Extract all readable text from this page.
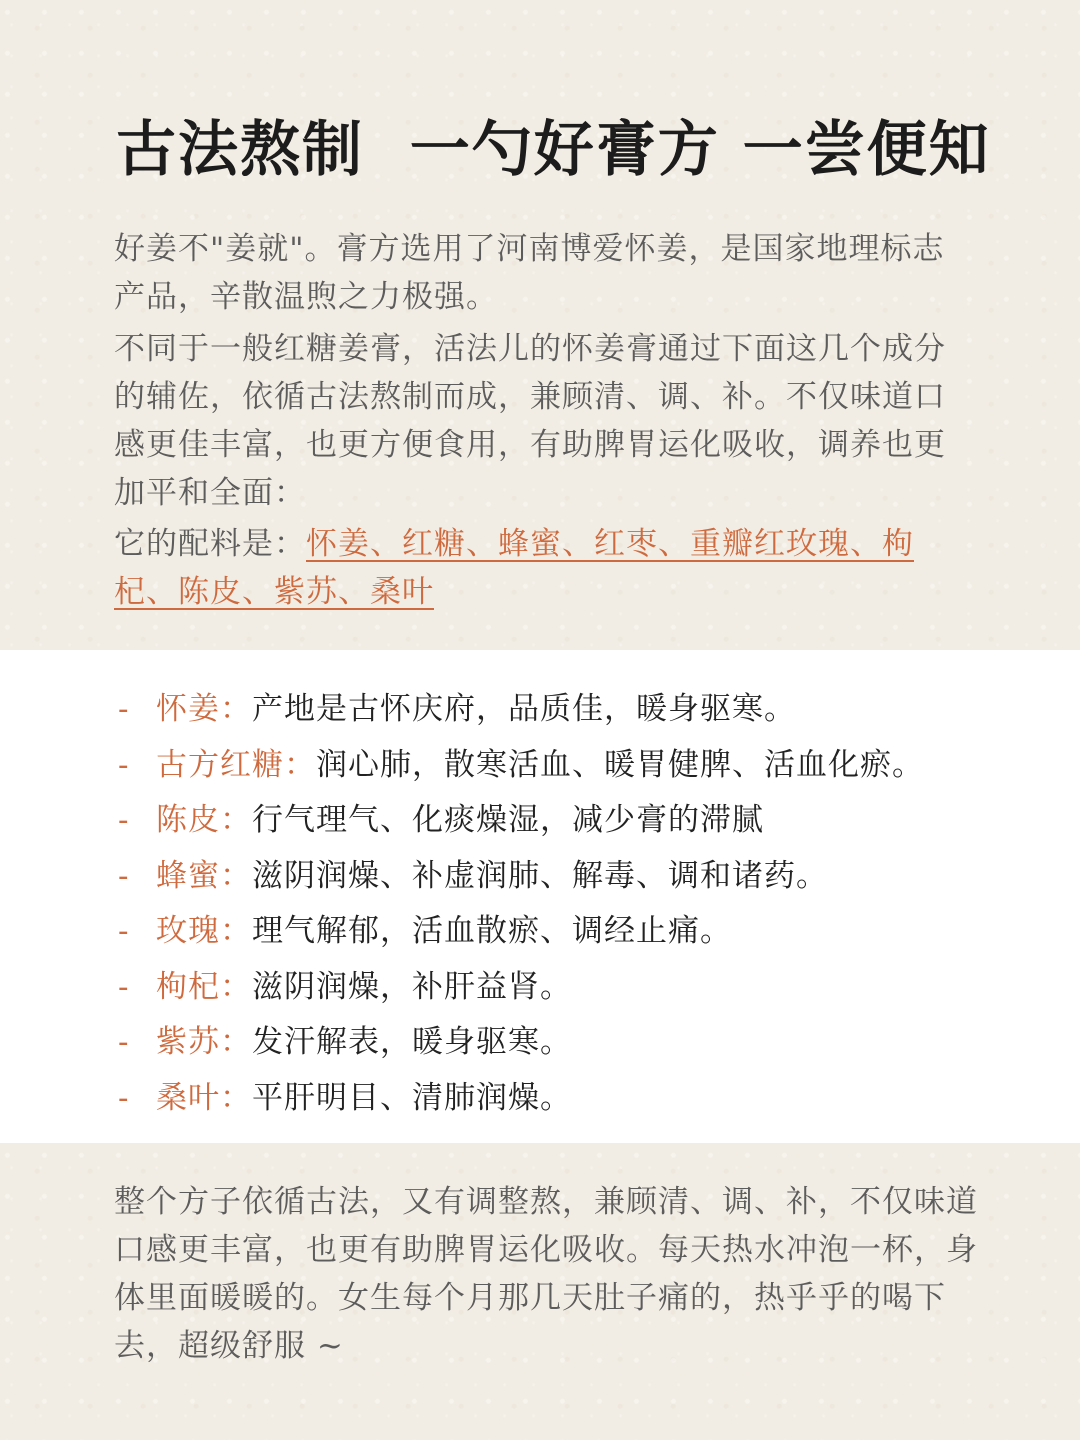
古法熬制  一勺好膏方 一尝便知

好姜不"姜就"。膏方选用了河南博爱怀姜，是国家地理标志产品，辛散温煦之力极强。

不同于一般红糖姜膏，活法儿的怀姜膏通过下面这几个成分的辅佐，依循古法熬制而成，兼顾清、调、补。不仅味道口感更佳丰富，也更方便食用，有助脾胃运化吸收，调养也更加平和全面：

它的配料是：怀姜、红糖、蜂蜜、红枣、重瓣红玫瑰、枸杞、陈皮、紫苏、桑叶

- 怀姜：产地是古怀庆府，品质佳，暖身驱寒。
- 古方红糖：润心肺，散寒活血、暖胃健脾、活血化瘀。
- 陈皮：行气理气、化痰燥湿，减少膏的滞腻
- 蜂蜜：滋阴润燥、补虚润肺、解毒、调和诸药。
- 玫瑰：理气解郁，活血散瘀、调经止痛。
- 枸杞：滋阴润燥，补肝益肾。
- 紫苏：发汗解表，暖身驱寒。
- 桑叶：平肝明目、清肺润燥。

整个方子依循古法，又有调整熬，兼顾清、调、补，不仅味道口感更丰富，也更有助脾胃运化吸收。每天热水冲泡一杯，身体里面暖暖的。女生每个月那几天肚子痛的，热乎乎的喝下去，超级舒服 ~
